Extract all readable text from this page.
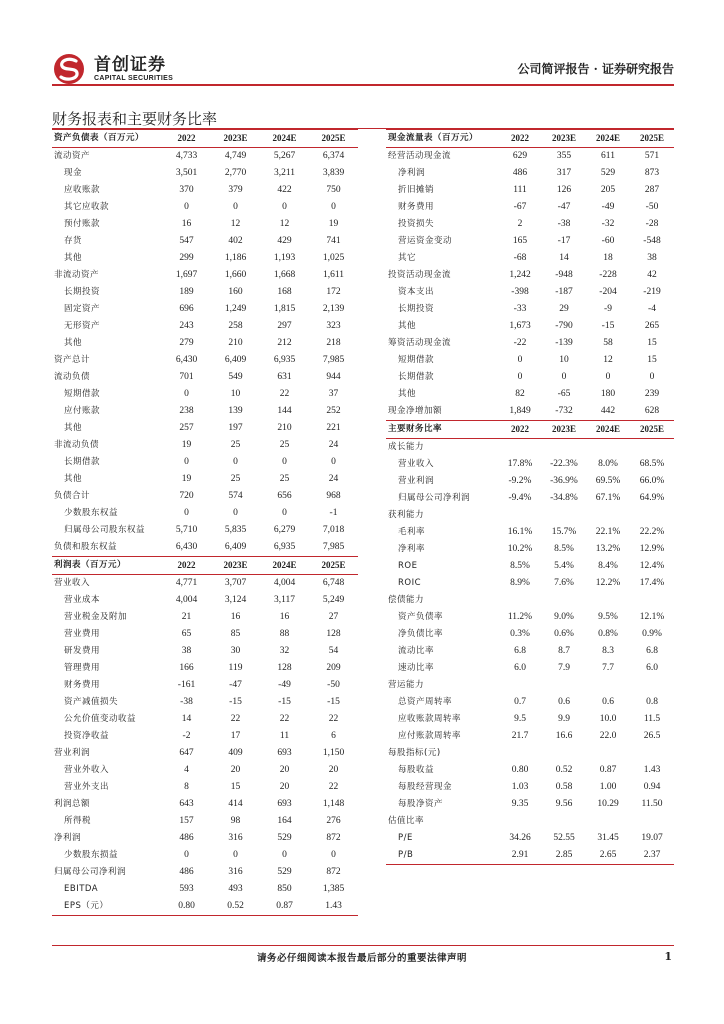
首创证券
CAPITAL SECURITIES
公司简评报告 · 证券研究报告
财务报表和主要财务比率
资产负债表（百万元）	2022	2023E	2024E	2025E
流动资产	4,733	4,749	5,267	6,374
现金	3,501	2,770	3,211	3,839
应收账款	370	379	422	750
其它应收款	0	0	0	0
预付账款	16	12	12	19
存货	547	402	429	741
其他	299	1,186	1,193	1,025
非流动资产	1,697	1,660	1,668	1,611
长期投资	189	160	168	172
固定资产	696	1,249	1,815	2,139
无形资产	243	258	297	323
其他	279	210	212	218
资产总计	6,430	6,409	6,935	7,985
流动负债	701	549	631	944
短期借款	0	10	22	37
应付账款	238	139	144	252
其他	257	197	210	221
非流动负债	19	25	25	24
长期借款	0	0	0	0
其他	19	25	25	24
负债合计	720	574	656	968
少数股东权益	0	0	0	-1
归属母公司股东权益	5,710	5,835	6,279	7,018
负债和股东权益	6,430	6,409	6,935	7,985
利润表（百万元）	2022	2023E	2024E	2025E
营业收入	4,771	3,707	4,004	6,748
营业成本	4,004	3,124	3,117	5,249
营业税金及附加	21	16	16	27
营业费用	65	85	88	128
研发费用	38	30	32	54
管理费用	166	119	128	209
财务费用	-161	-47	-49	-50
资产减值损失	-38	-15	-15	-15
公允价值变动收益	14	22	22	22
投资净收益	-2	17	11	6
营业利润	647	409	693	1,150
营业外收入	4	20	20	20
营业外支出	8	15	20	22
利润总额	643	414	693	1,148
所得税	157	98	164	276
净利润	486	316	529	872
少数股东损益	0	0	0	0
归属母公司净利润	486	316	529	872
EBITDA	593	493	850	1,385
EPS（元）	0.80	0.52	0.87	1.43
现金流量表（百万元）	2022	2023E	2024E	2025E
经营活动现金流	629	355	611	571
净利润	486	317	529	873
折旧摊销	111	126	205	287
财务费用	-67	-47	-49	-50
投资损失	2	-38	-32	-28
营运资金变动	165	-17	-60	-548
其它	-68	14	18	38
投资活动现金流	1,242	-948	-228	42
资本支出	-398	-187	-204	-219
长期投资	-33	29	-9	-4
其他	1,673	-790	-15	265
筹资活动现金流	-22	-139	58	15
短期借款	0	10	12	15
长期借款	0	0	0	0
其他	82	-65	180	239
现金净增加额	1,849	-732	442	628
主要财务比率	2022	2023E	2024E	2025E
成长能力				
营业收入	17.8%	-22.3%	8.0%	68.5%
营业利润	-9.2%	-36.9%	69.5%	66.0%
归属母公司净利润	-9.4%	-34.8%	67.1%	64.9%
获利能力				
毛利率	16.1%	15.7%	22.1%	22.2%
净利率	10.2%	8.5%	13.2%	12.9%
ROE	8.5%	5.4%	8.4%	12.4%
ROIC	8.9%	7.6%	12.2%	17.4%
偿债能力				
资产负债率	11.2%	9.0%	9.5%	12.1%
净负债比率	0.3%	0.6%	0.8%	0.9%
流动比率	6.8	8.7	8.3	6.8
速动比率	6.0	7.9	7.7	6.0
营运能力				
总资产周转率	0.7	0.6	0.6	0.8
应收账款周转率	9.5	9.9	10.0	11.5
应付账款周转率	21.7	16.6	22.0	26.5
每股指标(元)				
每股收益	0.80	0.52	0.87	1.43
每股经营现金	1.03	0.58	1.00	0.94
每股净资产	9.35	9.56	10.29	11.50
估值比率				
P/E	34.26	52.55	31.45	19.07
P/B	2.91	2.85	2.65	2.37
请务必仔细阅读本报告最后部分的重要法律声明	1
